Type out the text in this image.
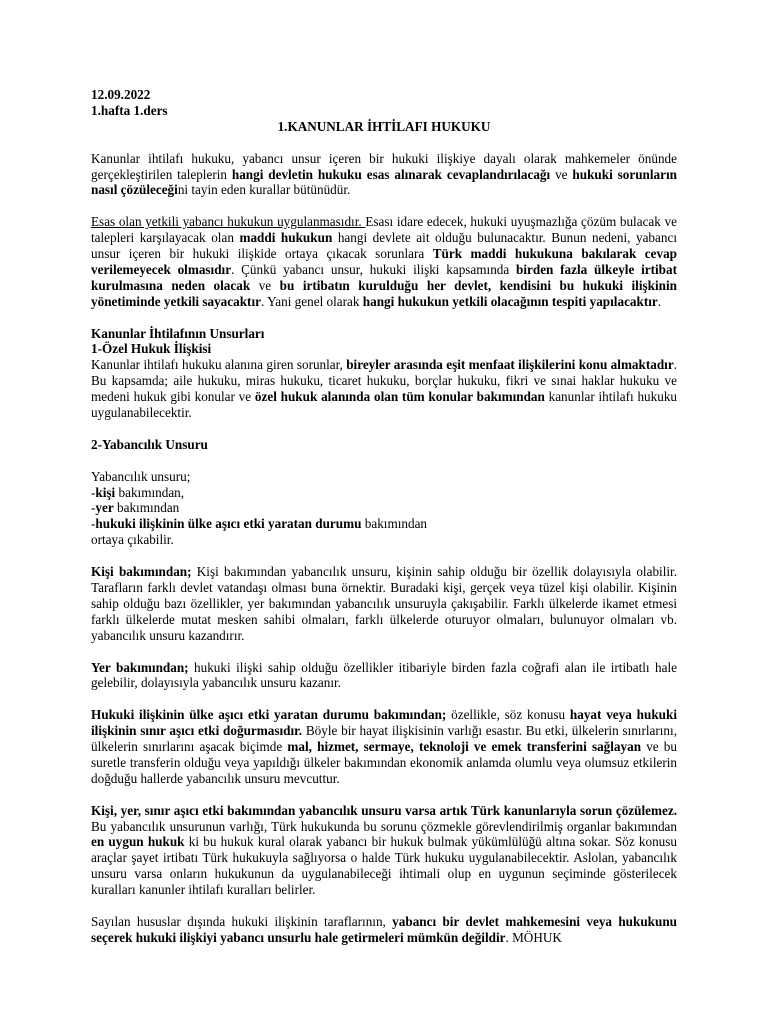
12.09.2022

1.hafta 1.ders

1.KANUNLAR İHTİLAFI HUKUKU

Kanunlar ihtilafı hukuku, yabancı unsur içeren bir hukuki ilişkiye dayalı olarak mahkemeler önünde gerçekleştirilen taleplerin hangi devletin hukuku esas alınarak cevaplandırılacağı ve hukuki sorunların nasıl çözüleceğini tayin eden kurallar bütünüdür.

Esas olan yetkili yabancı hukukun uygulanmasıdır. Esası idare edecek, hukuki uyuşmazlığa çözüm bulacak ve talepleri karşılayacak olan maddi hukukun hangi devlete ait olduğu bulunacaktır. Bunun nedeni, yabancı unsur içeren bir hukuki ilişkide ortaya çıkacak sorunlara Türk maddi hukukuna bakılarak cevap verilemeyecek olmasıdır. Çünkü yabancı unsur, hukuki ilişki kapsamında birden fazla ülkeyle irtibat kurulmasına neden olacak ve bu irtibatın kurulduğu her devlet, kendisini bu hukuki ilişkinin yönetiminde yetkili sayacaktır. Yani genel olarak hangi hukukun yetkili olacağının tespiti yapılacaktır.

Kanunlar İhtilafının Unsurları

1-Özel Hukuk İlişkisi

Kanunlar ihtilafı hukuku alanına giren sorunlar, bireyler arasında eşit menfaat ilişkilerini konu almaktadır. Bu kapsamda; aile hukuku, miras hukuku, ticaret hukuku, borçlar hukuku, fikri ve sınai haklar hukuku ve medeni hukuk gibi konular ve özel hukuk alanında olan tüm konular bakımından kanunlar ihtilafı hukuku uygulanabilecektir.

2-Yabancılık Unsuru

Yabancılık unsuru;

-kişi bakımından,

-yer bakımından

-hukuki ilişkinin ülke aşıcı etki yaratan durumu bakımından

ortaya çıkabilir.

Kişi bakımından; Kişi bakımından yabancılık unsuru, kişinin sahip olduğu bir özellik dolayısıyla olabilir. Tarafların farklı devlet vatandaşı olması buna örnektir. Buradaki kişi, gerçek veya tüzel kişi olabilir. Kişinin sahip olduğu bazı özellikler, yer bakımından yabancılık unsuruyla çakışabilir. Farklı ülkelerde ikamet etmesi farklı ülkelerde mutat mesken sahibi olmaları, farklı ülkelerde oturuyor olmaları, bulunuyor olmaları vb. yabancılık unsuru kazandırır.

Yer bakımından; hukuki ilişki sahip olduğu özellikler itibariyle birden fazla coğrafi alan ile irtibatlı hale gelebilir, dolayısıyla yabancılık unsuru kazanır.

Hukuki ilişkinin ülke aşıcı etki yaratan durumu bakımından; özellikle, söz konusu hayat veya hukuki ilişkinin sınır aşıcı etki doğurmasıdır. Böyle bir hayat ilişkisinin varlığı esastır. Bu etki, ülkelerin sınırlarını, ülkelerin sınırlarını aşacak biçimde mal, hizmet, sermaye, teknoloji ve emek transferini sağlayan ve bu suretle transferin olduğu veya yapıldığı ülkeler bakımından ekonomik anlamda olumlu veya olumsuz etkilerin doğduğu hallerde yabancılık unsuru mevcuttur.

Kişi, yer, sınır aşıcı etki bakımından yabancılık unsuru varsa artık Türk kanunlarıyla sorun çözülemez. Bu yabancılık unsurunun varlığı, Türk hukukunda bu sorunu çözmekle görevlendirilmiş organlar bakımından en uygun hukuk ki bu hukuk kural olarak yabancı bir hukuk bulmak yükümlülüğü altına sokar. Söz konusu araçlar şayet irtibatı Türk hukukuyla sağlıyorsa o halde Türk hukuku uygulanabilecektir. Aslolan, yabancılık unsuru varsa onların hukukunun da uygulanabileceği ihtimali olup en uygunun seçiminde gösterilecek kuralları kanunler ihtilafı kuralları belirler.

Sayılan hususlar dışında hukuki ilişkinin taraflarının, yabancı bir devlet mahkemesini veya hukukunu seçerek hukuki ilişkiyi yabancı unsurlu hale getirmeleri mümkün değildir. MÖHUK
